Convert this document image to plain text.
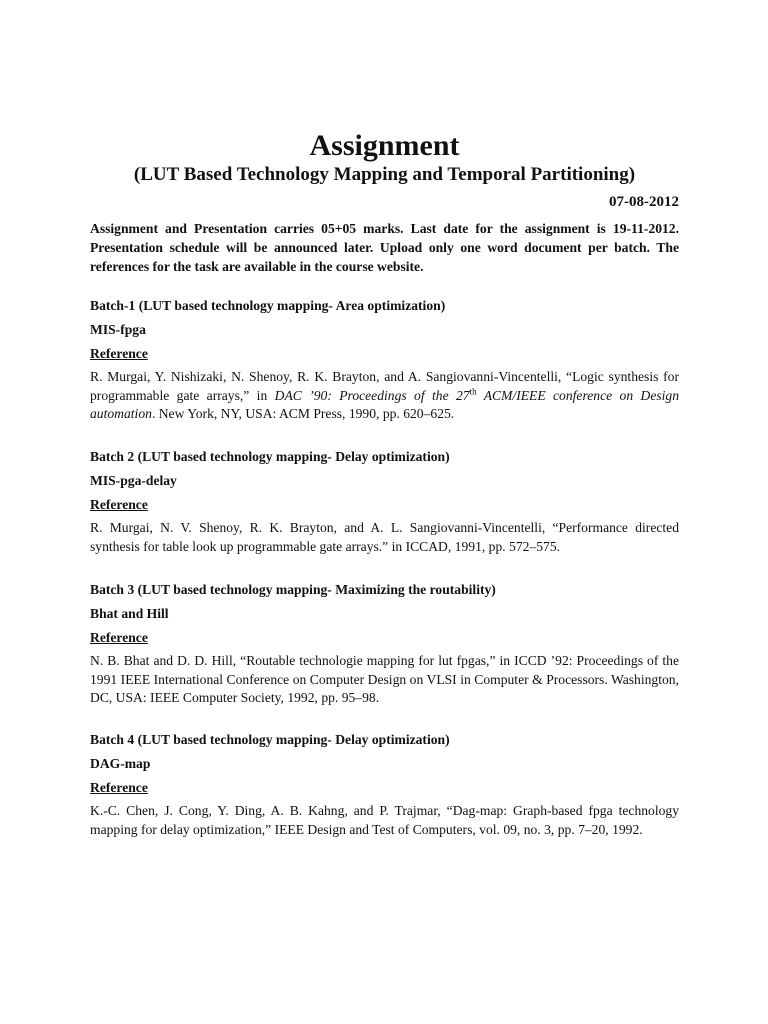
Assignment
(LUT Based Technology Mapping and Temporal Partitioning)
07-08-2012

Assignment and Presentation carries 05+05 marks. Last date for the assignment is 19-11-2012. Presentation schedule will be announced later. Upload only one word document per batch. The references for the task are available in the course website.

Batch-1 (LUT based technology mapping- Area optimization)

MIS-fpga

Reference

R. Murgai, Y. Nishizaki, N. Shenoy, R. K. Brayton, and A. Sangiovanni-Vincentelli, “Logic synthesis for programmable gate arrays,” in DAC ’90: Proceedings of the 27th ACM/IEEE conference on Design automation. New York, NY, USA: ACM Press, 1990, pp. 620–625.

Batch 2 (LUT based technology mapping- Delay optimization)

MIS-pga-delay

Reference

R. Murgai, N. V. Shenoy, R. K. Brayton, and A. L. Sangiovanni-Vincentelli, “Performance directed synthesis for table look up programmable gate arrays.” in ICCAD, 1991, pp. 572–575.

Batch 3 (LUT based technology mapping- Maximizing the routability)

Bhat and Hill

Reference

N. B. Bhat and D. D. Hill, “Routable technologie mapping for lut fpgas,” in ICCD ’92: Proceedings of the 1991 IEEE International Conference on Computer Design on VLSI in Computer & Processors. Washington, DC, USA: IEEE Computer Society, 1992, pp. 95–98.

Batch 4 (LUT based technology mapping- Delay optimization)

DAG-map

Reference

K.-C. Chen, J. Cong, Y. Ding, A. B. Kahng, and P. Trajmar, “Dag-map: Graph-based fpga technology mapping for delay optimization,” IEEE Design and Test of Computers, vol. 09, no. 3, pp. 7–20, 1992.
